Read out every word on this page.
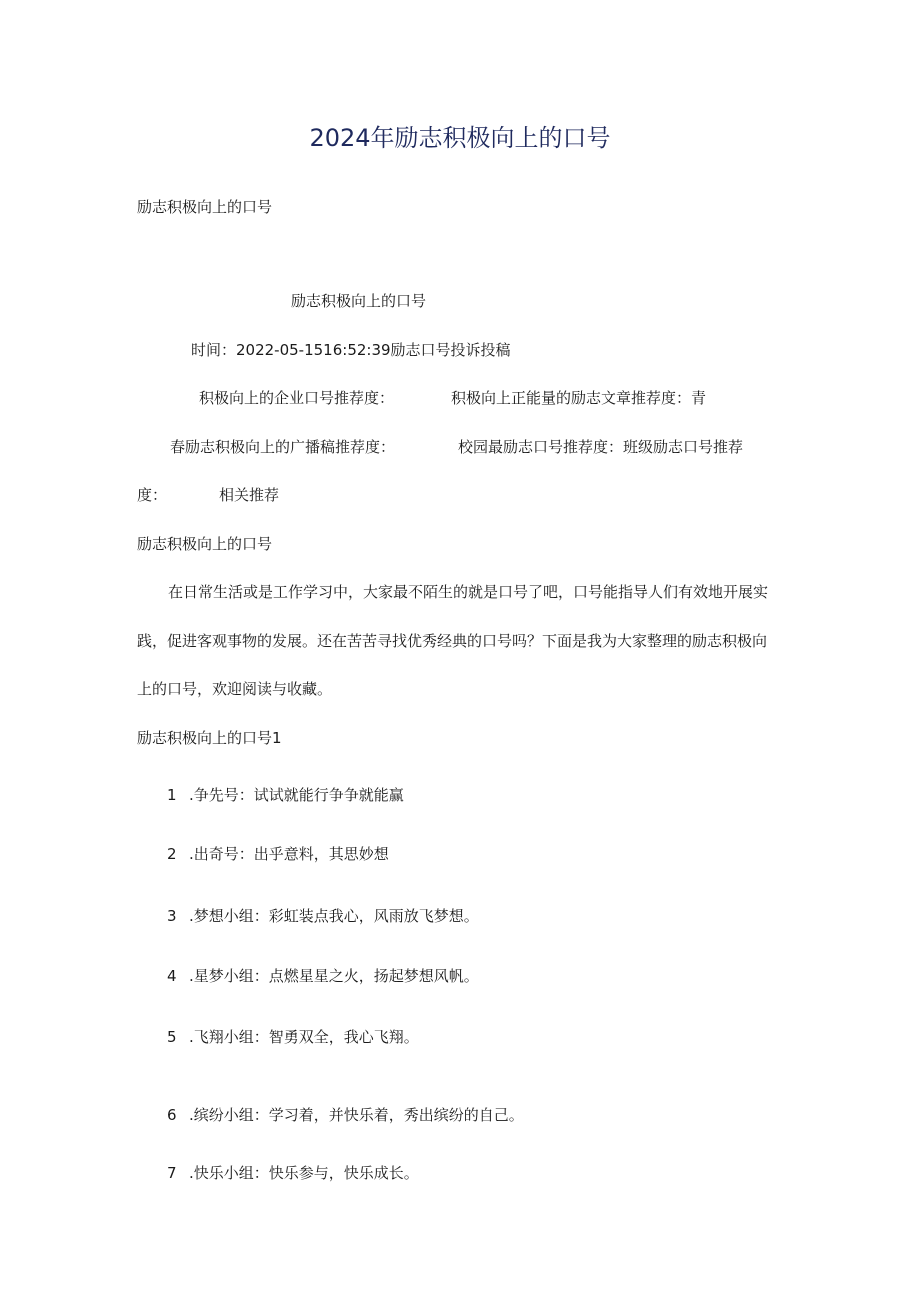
2024年励志积极向上的口号
励志积极向上的口号
励志积极向上的口号
时间：2022-05-1516:52:39励志口号投诉投稿
积极向上的企业口号推荐度：	积极向上正能量的励志文章推荐度：青
春励志积极向上的广播稿推荐度：	校园最励志口号推荐度：班级励志口号推荐
度：	相关推荐
励志积极向上的口号
在日常生活或是工作学习中，大家最不陌生的就是口号了吧，口号能指导人们有效地开展实
践，促进客观事物的发展。还在苦苦寻找优秀经典的口号吗？下面是我为大家整理的励志积极向
上的口号，欢迎阅读与收藏。
励志积极向上的口号1
1 .争先号：试试就能行争争就能赢
2 .出奇号：出乎意料，其思妙想
3 .梦想小组：彩虹装点我心，风雨放飞梦想。
4 .星梦小组：点燃星星之火，扬起梦想风帆。
5 .飞翔小组：智勇双全，我心飞翔。
6 .缤纷小组：学习着，并快乐着，秀出缤纷的自己。
7 .快乐小组：快乐参与，快乐成长。
